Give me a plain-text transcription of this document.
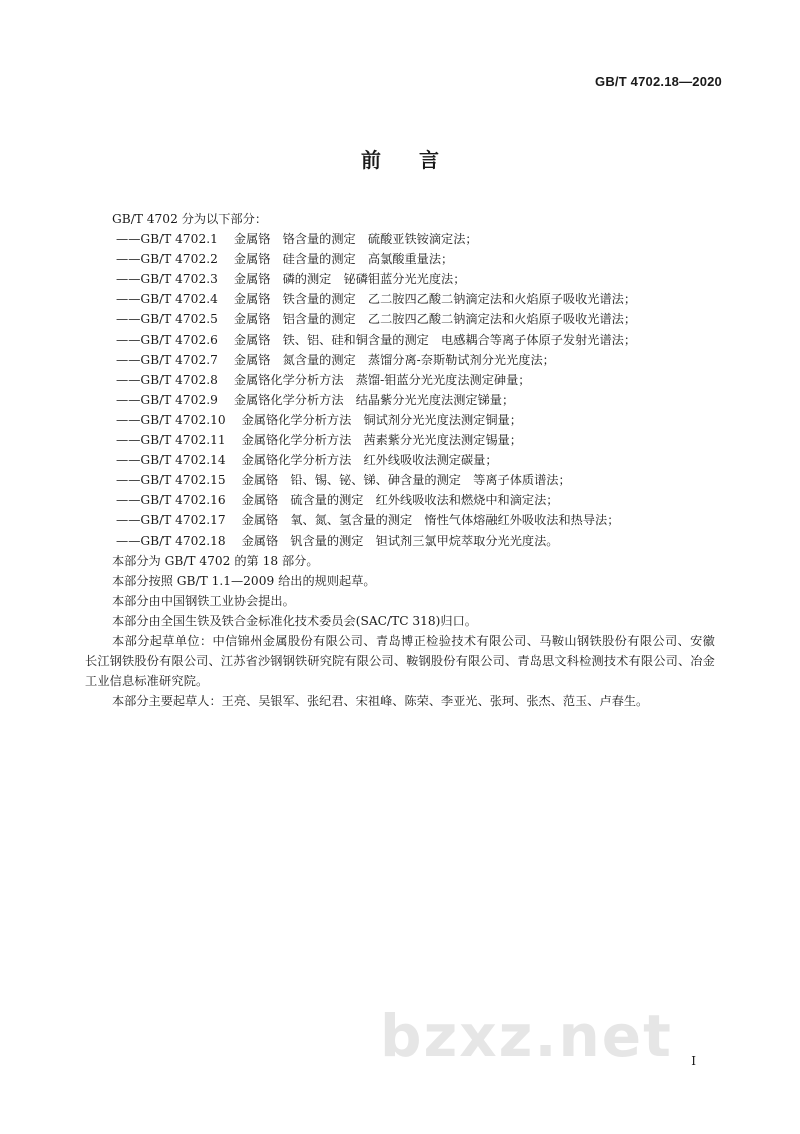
GB/T 4702.18—2020
前言
GB/T 4702 分为以下部分：
——GB/T 4702.1 金属铬　铬含量的测定　硫酸亚铁铵滴定法；
——GB/T 4702.2 金属铬　硅含量的测定　高氯酸重量法；
——GB/T 4702.3 金属铬　磷的测定　铋磷钼蓝分光光度法；
——GB/T 4702.4 金属铬　铁含量的测定　乙二胺四乙酸二钠滴定法和火焰原子吸收光谱法；
——GB/T 4702.5 金属铬　铝含量的测定　乙二胺四乙酸二钠滴定法和火焰原子吸收光谱法；
——GB/T 4702.6 金属铬　铁、铝、硅和铜含量的测定　电感耦合等离子体原子发射光谱法；
——GB/T 4702.7 金属铬　氮含量的测定　蒸馏分离-奈斯勒试剂分光光度法；
——GB/T 4702.8 金属铬化学分析方法　蒸馏-钼蓝分光光度法测定砷量；
——GB/T 4702.9 金属铬化学分析方法　结晶紫分光光度法测定锑量；
——GB/T 4702.10 金属铬化学分析方法　铜试剂分光光度法测定铜量；
——GB/T 4702.11 金属铬化学分析方法　茜素紫分光光度法测定锡量；
——GB/T 4702.14 金属铬化学分析方法　红外线吸收法测定碳量；
——GB/T 4702.15 金属铬　铅、锡、铋、锑、砷含量的测定　等离子体质谱法；
——GB/T 4702.16 金属铬　硫含量的测定　红外线吸收法和燃烧中和滴定法；
——GB/T 4702.17 金属铬　氧、氮、氢含量的测定　惰性气体熔融红外吸收法和热导法；
——GB/T 4702.18 金属铬　钒含量的测定　钽试剂三氯甲烷萃取分光光度法。
本部分为 GB/T 4702 的第 18 部分。
本部分按照 GB/T 1.1—2009 给出的规则起草。
本部分由中国钢铁工业协会提出。
本部分由全国生铁及铁合金标准化技术委员会(SAC/TC 318)归口。
本部分起草单位：中信锦州金属股份有限公司、青岛博正检验技术有限公司、马鞍山钢铁股份有限公司、安徽长江钢铁股份有限公司、江苏省沙钢钢铁研究院有限公司、鞍钢股份有限公司、青岛思文科检测技术有限公司、冶金工业信息标准研究院。
本部分主要起草人：王亮、吴银军、张纪君、宋祖峰、陈荣、李亚光、张珂、张杰、范玉、卢春生。
bzxz.net I
